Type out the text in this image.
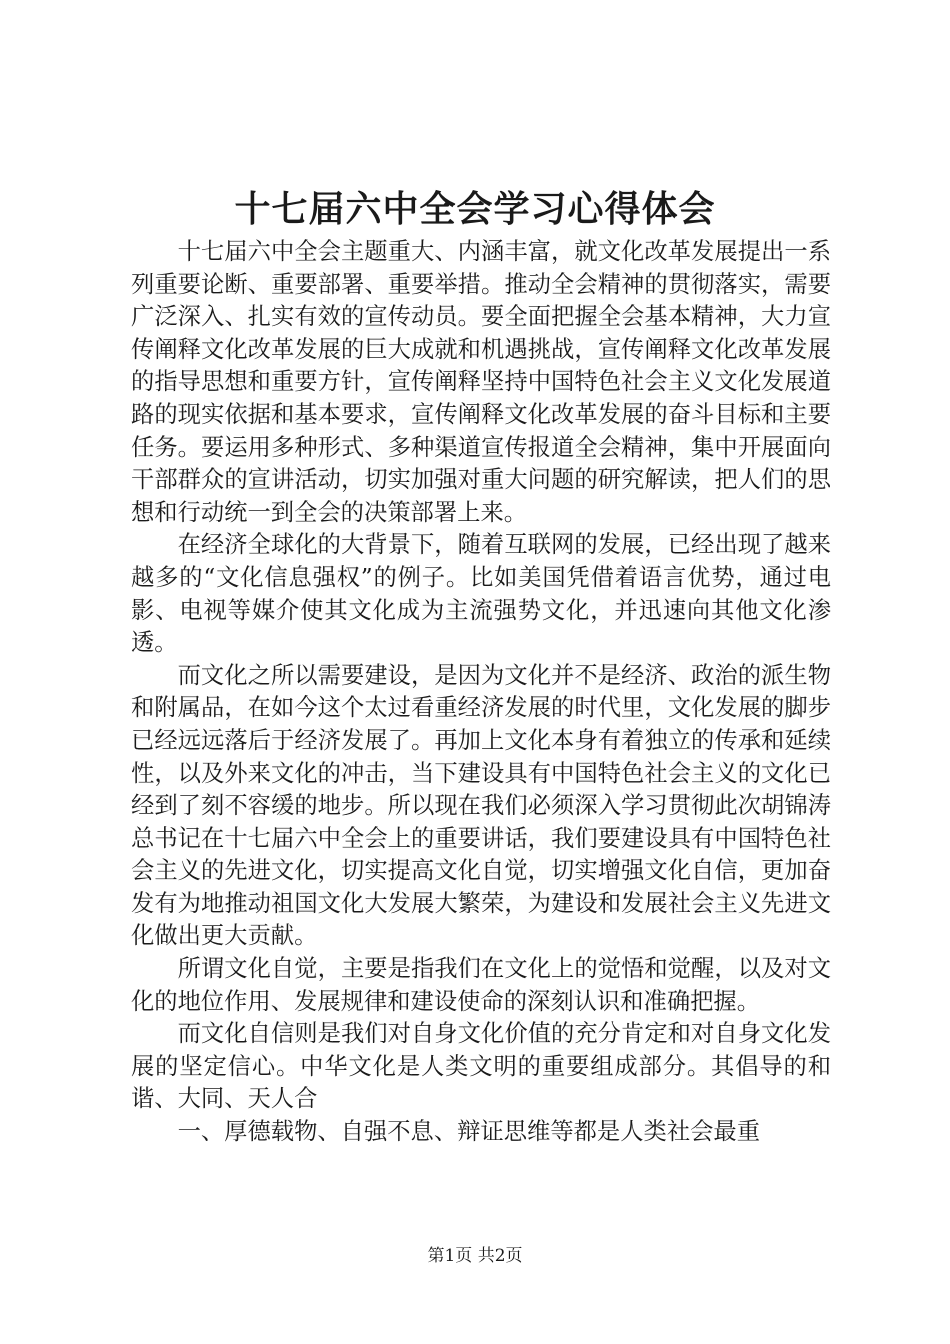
十七届六中全会学习心得体会

十七届六中全会主题重大、内涵丰富，就文化改革发展提出一系列重要论断、重要部署、重要举措。推动全会精神的贯彻落实，需要广泛深入、扎实有效的宣传动员。要全面把握全会基本精神，大力宣传阐释文化改革发展的巨大成就和机遇挑战，宣传阐释文化改革发展的指导思想和重要方针，宣传阐释坚持中国特色社会主义文化发展道路的现实依据和基本要求，宣传阐释文化改革发展的奋斗目标和主要任务。要运用多种形式、多种渠道宣传报道全会精神，集中开展面向干部群众的宣讲活动，切实加强对重大问题的研究解读，把人们的思想和行动统一到全会的决策部署上来。

在经济全球化的大背景下，随着互联网的发展，已经出现了越来越多的“文化信息强权”的例子。比如美国凭借着语言优势，通过电影、电视等媒介使其文化成为主流强势文化，并迅速向其他文化渗透。

而文化之所以需要建设，是因为文化并不是经济、政治的派生物和附属品，在如今这个太过看重经济发展的时代里，文化发展的脚步已经远远落后于经济发展了。再加上文化本身有着独立的传承和延续性，以及外来文化的冲击，当下建设具有中国特色社会主义的文化已经到了刻不容缓的地步。所以现在我们必须深入学习贯彻此次胡锦涛总书记在十七届六中全会上的重要讲话，我们要建设具有中国特色社会主义的先进文化，切实提高文化自觉，切实增强文化自信，更加奋发有为地推动祖国文化大发展大繁荣，为建设和发展社会主义先进文化做出更大贡献。

所谓文化自觉，主要是指我们在文化上的觉悟和觉醒，以及对文化的地位作用、发展规律和建设使命的深刻认识和准确把握。

而文化自信则是我们对自身文化价值的充分肯定和对自身文化发展的坚定信心。中华文化是人类文明的重要组成部分。其倡导的和谐、大同、天人合

一、厚德载物、自强不息、辩证思维等都是人类社会最重

第1页 共2页
